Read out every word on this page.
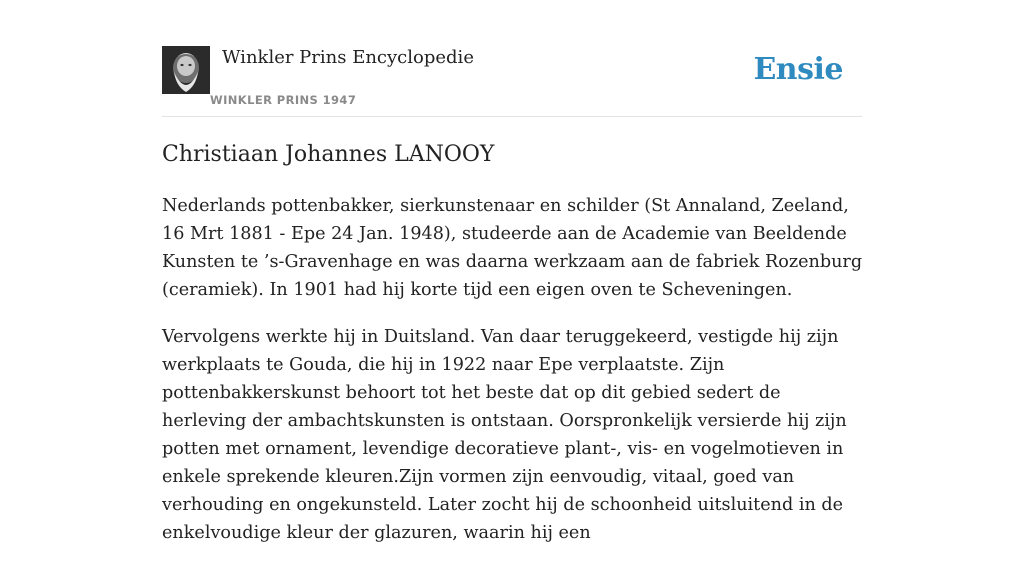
Winkler Prins Encyclopedie
WINKLER PRINS 1947
Ensie
Christiaan Johannes LANOOY

Nederlands pottenbakker, sierkunstenaar en schilder (St Annaland, Zeeland, 16 Mrt 1881 - Epe 24 Jan. 1948), studeerde aan de Academie van Beeldende Kunsten te ’s-Gravenhage en was daarna werkzaam aan de fabriek Rozenburg (ceramiek). In 1901 had hij korte tijd een eigen oven te Scheveningen.

Vervolgens werkte hij in Duitsland. Van daar teruggekeerd, vestigde hij zijn werkplaats te Gouda, die hij in 1922 naar Epe verplaatste. Zijn pottenbakkerskunst behoort tot het beste dat op dit gebied sedert de herleving der ambachtskunsten is ontstaan. Oorspronkelijk versierde hij zijn potten met ornament, levendige decoratieve plant-, vis- en vogelmotieven in enkele sprekende kleuren.Zijn vormen zijn eenvoudig, vitaal, goed van verhouding en ongekunsteld. Later zocht hij de schoonheid uitsluitend in de enkelvoudige kleur der glazuren, waarin hij een
